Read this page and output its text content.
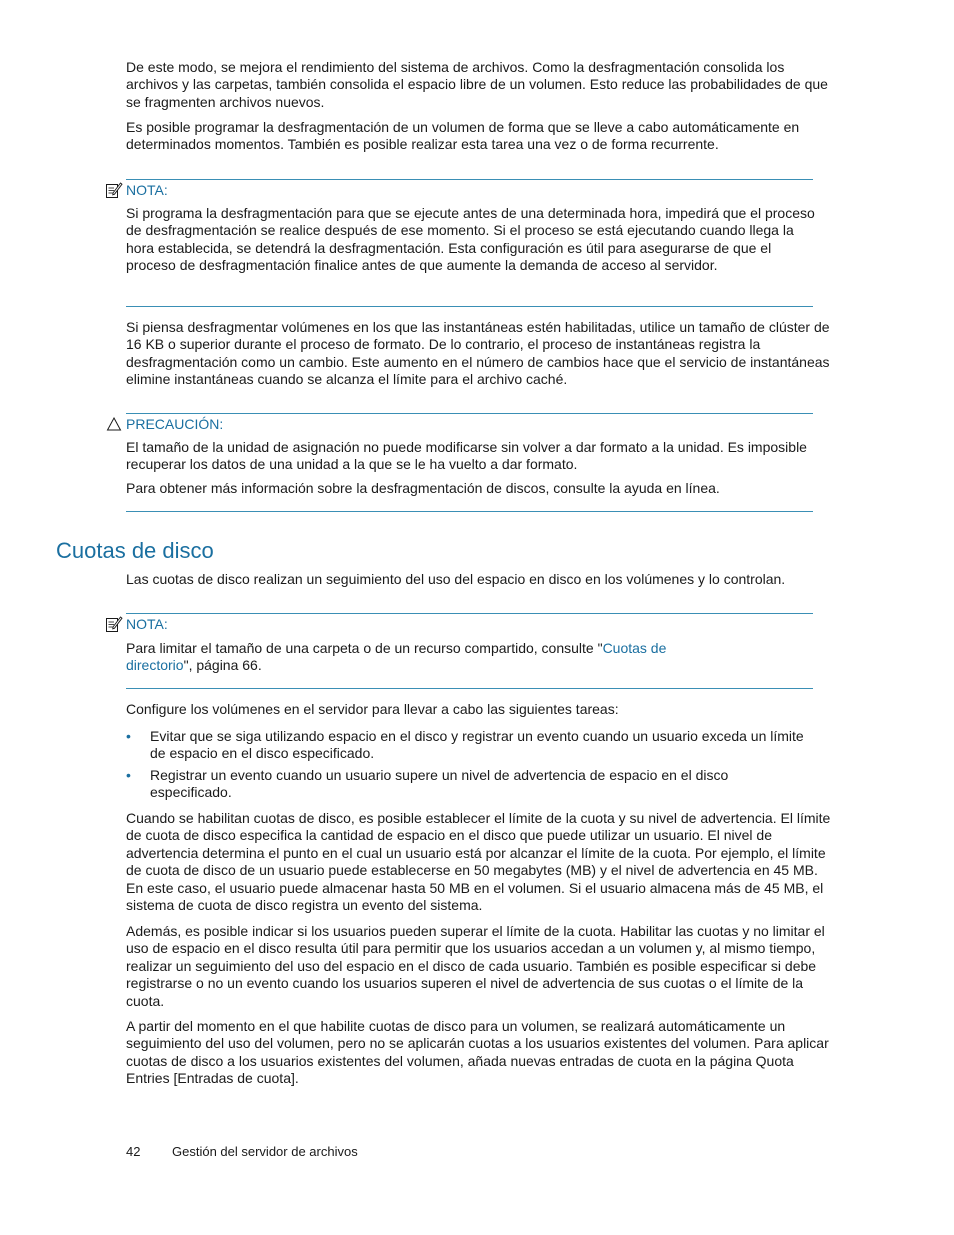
De este modo, se mejora el rendimiento del sistema de archivos. Como la desfragmentación consolida los archivos y las carpetas, también consolida el espacio libre de un volumen. Esto reduce las probabilidades de que se fragmenten archivos nuevos.

Es posible programar la desfragmentación de un volumen de forma que se lleve a cabo automáticamente en determinados momentos. También es posible realizar esta tarea una vez o de forma recurrente.

NOTA:

Si programa la desfragmentación para que se ejecute antes de una determinada hora, impedirá que el proceso de desfragmentación se realice después de ese momento. Si el proceso se está ejecutando cuando llega la hora establecida, se detendrá la desfragmentación. Esta configuración es útil para asegurarse de que el proceso de desfragmentación finalice antes de que aumente la demanda de acceso al servidor.

Si piensa desfragmentar volúmenes en los que las instantáneas estén habilitadas, utilice un tamaño de clúster de 16 KB o superior durante el proceso de formato. De lo contrario, el proceso de instantáneas registra la desfragmentación como un cambio. Este aumento en el número de cambios hace que el servicio de instantáneas elimine instantáneas cuando se alcanza el límite para el archivo caché.

PRECAUCIÓN:

El tamaño de la unidad de asignación no puede modificarse sin volver a dar formato a la unidad. Es imposible recuperar los datos de una unidad a la que se le ha vuelto a dar formato.

Para obtener más información sobre la desfragmentación de discos, consulte la ayuda en línea.

Cuotas de disco

Las cuotas de disco realizan un seguimiento del uso del espacio en disco en los volúmenes y lo controlan.

NOTA:

Para limitar el tamaño de una carpeta o de un recurso compartido, consulte "Cuotas de directorio", página 66.

Configure los volúmenes en el servidor para llevar a cabo las siguientes tareas:

• Evitar que se siga utilizando espacio en el disco y registrar un evento cuando un usuario exceda un límite de espacio en el disco especificado.
• Registrar un evento cuando un usuario supere un nivel de advertencia de espacio en el disco especificado.

Cuando se habilitan cuotas de disco, es posible establecer el límite de la cuota y su nivel de advertencia. El límite de cuota de disco especifica la cantidad de espacio en el disco que puede utilizar un usuario. El nivel de advertencia determina el punto en el cual un usuario está por alcanzar el límite de la cuota. Por ejemplo, el límite de cuota de disco de un usuario puede establecerse en 50 megabytes (MB) y el nivel de advertencia en 45 MB. En este caso, el usuario puede almacenar hasta 50 MB en el volumen. Si el usuario almacena más de 45 MB, el sistema de cuota de disco registra un evento del sistema.

Además, es posible indicar si los usuarios pueden superar el límite de la cuota. Habilitar las cuotas y no limitar el uso de espacio en el disco resulta útil para permitir que los usuarios accedan a un volumen y, al mismo tiempo, realizar un seguimiento del uso del espacio en el disco de cada usuario. También es posible especificar si debe registrarse o no un evento cuando los usuarios superen el nivel de advertencia de sus cuotas o el límite de la cuota.

A partir del momento en el que habilite cuotas de disco para un volumen, se realizará automáticamente un seguimiento del uso del volumen, pero no se aplicarán cuotas a los usuarios existentes del volumen. Para aplicar cuotas de disco a los usuarios existentes del volumen, añada nuevas entradas de cuota en la página Quota Entries [Entradas de cuota].

42 Gestión del servidor de archivos
